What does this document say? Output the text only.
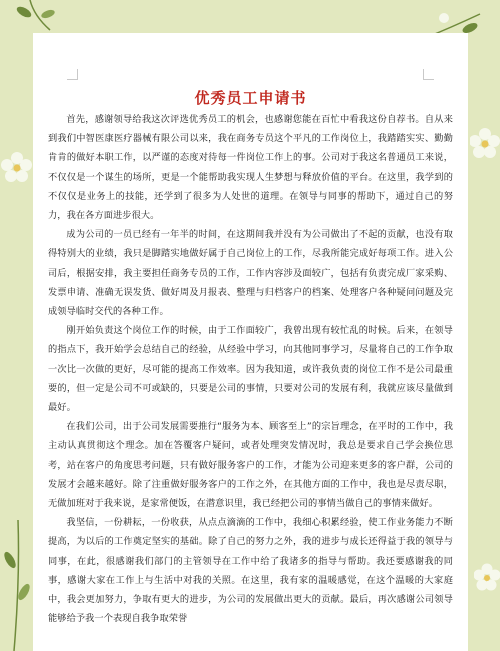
优秀员工申请书

首先，感谢领导给我这次评选优秀员工的机会，也感谢您能在百忙中看我这份自荐书。自从来到我们中智医康医疗器械有限公司以来，我在商务专员这个平凡的工作岗位上，我踏踏实实、勤勤肯肯的做好本职工作，以严谨的态度对待每一件岗位工作上的事。公司对于我这名普通员工来说，不仅仅是一个谋生的场所，更是一个能帮助我实现人生梦想与释放价值的平台。在这里，我学到的不仅仅是业务上的技能，还学到了很多为人处世的道理。在领导与同事的帮助下，通过自己的努力，我在各方面进步很大。

成为公司的一员已经有一年半的时间，在这期间我并没有为公司做出了不起的贡献，也没有取得特别大的业绩，我只是脚踏实地做好属于自己岗位上的工作，尽我所能完成好每项工作。进入公司后，根据安排，我主要担任商务专员的工作，工作内容涉及面较广，包括有负责完成厂家采购、发票申请、准确无误发货、做好周及月报表、整理与归档客户的档案、处理客户各种疑问问题及完成领导临时交代的各种工作。

刚开始负责这个岗位工作的时候，由于工作面较广，我曾出现有较忙乱的时候。后来，在领导的指点下，我开始学会总结自己的经验，从经验中学习，向其他同事学习，尽量将自己的工作争取一次比一次做的更好，尽可能的提高工作效率。因为我知道，或许我负责的岗位工作不是公司最重要的，但一定是公司不可或缺的，只要是公司的事情，只要对公司的发展有利，我就应该尽量做到最好。

在我们公司，出于公司发展需要推行“服务为本、顾客至上”的宗旨理念，在平时的工作中，我主动认真贯彻这个理念。加在答覆客户疑问，或者处理突发情况时，我总是要求自己学会换位思考，站在客户的角度思考问题，只有做好服务客户的工作，才能为公司迎来更多的客户群，公司的发展才会越来越好。除了注重做好服务客户的工作之外，在其他方面的工作中，我也是尽责尽职，无做加班对于我来说，是家常便饭，在潜意识里，我已经把公司的事情当做自己的事情来做好。

我坚信，一份耕耘，一份收获，从点点滴滴的工作中，我细心积累经验，使工作业务能力不断提高，为以后的工作奠定坚实的基础。除了自己的努力之外，我的进步与成长还得益于我的领导与同事，在此，很感谢我们部门的主管领导在工作中给了我诸多的指导与帮助。我还要感谢我的同事，感谢大家在工作上与生活中对我的关照。在这里，我有家的温暖感觉，在这个温暖的大家庭中，我会更加努力，争取有更大的进步，为公司的发展做出更大的贡献。最后，再次感谢公司领导能够给予我一个表现自我争取荣誉
